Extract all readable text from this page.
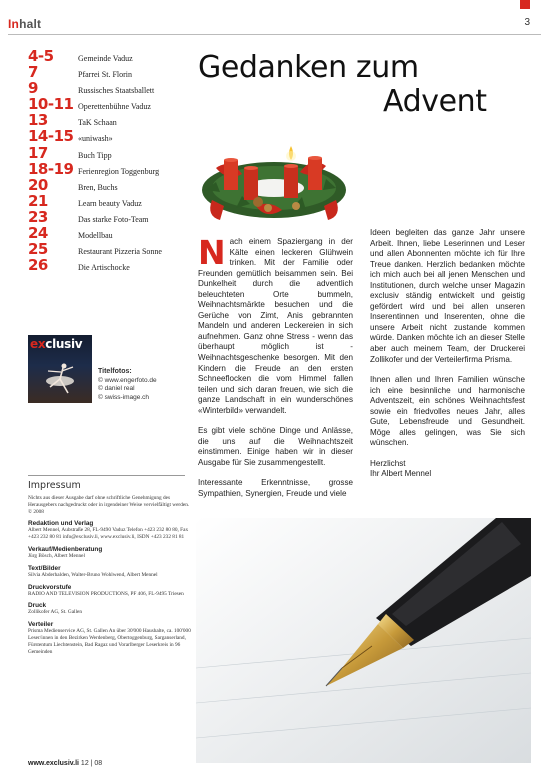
Inhalt	3
4-5	Gemeinde Vaduz
7	Pfarrei St. Florin
9	Russisches Staatsballett
10-11 Operettenbühne Vaduz
13	TaK Schaan
14-15 «uniwash»
17	Buch Tipp
18-19 Ferienregion Toggenburg
20	Bren, Buchs
21	Learn beauty Vaduz
23	Das starke Foto-Team
24	Modellbau
25	Restaurant Pizzeria Sonne
26	Die Artischocke
exclusiv
Titelfotos:
© www.engerfoto.de
© daniel real
© swiss-image.ch
Impressum
Nichts aus dieser Ausgabe darf ohne schriftliche Genehmigung des Herausgebers nachgedruckt oder in irgendeiner Weise vervielfältigt werden. © 2008
Redaktion und Verlag
Albert Mennel, Aubstraße 28, FL-9490 Vaduz Telefon +423 232 80 80, Fax +423 232 80 81 info@exclusiv.li, www.exclusiv.li, ISDN +423 232 81 81
Verkauf/Medienberatung
Jürg Bösch, Albert Mennel
Text/Bilder
Silvia Abderhalden, Walter-Bruno Wohlwend, Albert Mennel
Druckvorstufe
RADIO AND TELEVISION PRODUCTIONS, PF 406, FL-9495 Triesen
Druck
Zollikofer AG, St. Gallen
Verteiler
Prisma Medienservice AG, St. Gallen An über 30'000 Haushalte, ca. 100'000 Leser/innen in den Bezirken Werdenberg, Obertoggenburg, Sarganserland, Fürstentum Liechtenstein, Bad Ragaz und Vorarlberger Leserkreis in 96 Gemeinden
www.exclusiv.li 12 | 08
Gedanken zum
Advent

Nach einem Spaziergang in der Kälte einen leckeren Glühwein trinken. Mit der Familie oder Freunden gemütlich beisammen sein. Bei Dunkelheit durch die adventlich beleuchteten Orte bummeln, Weihnachtsmärkte besuchen und die Gerüche von Zimt, Anis gebrannten Mandeln und anderen Leckereien in sich aufnehmen. Ganz ohne Stress - wenn das überhaupt möglich ist - Weihnachtsgeschenke besorgen. Mit den Kindern die Freude an den ersten Schneeflocken die vom Himmel fallen teilen und sich daran freuen, wie sich die ganze Landschaft in ein wunderschönes «Winterbild» verwandelt.

Es gibt viele schöne Dinge und Anlässe, die uns auf die Weihnachtszeit einstimmen. Einige haben wir in dieser Ausgabe für Sie zusammengestellt.

Interessante Erkenntnisse, grosse Sympathien, Synergien, Freude und viele

Ideen begleiten das ganze Jahr unsere Arbeit. Ihnen, liebe Leserinnen und Leser und allen Abonnenten möchte ich für Ihre Treue danken. Herzlich bedanken möchte ich mich auch bei all jenen Menschen und Institutionen, durch welche unser Magazin exclusiv ständig entwickelt und geistig gefördert wird und bei allen unseren Inserentinnen und Inserenten, ohne die unsere Arbeit nicht zustande kommen würde. Danken möchte ich an dieser Stelle aber auch meinem Team, der Druckerei Zollikofer und der Verteilerfirma Prisma.

Ihnen allen und Ihren Familien wünsche ich eine besinnliche und harmonische Adventszeit, ein schönes Weihnachtsfest sowie ein friedvolles neues Jahr, alles Gute, Lebensfreude und Gesundheit. Möge alles gelingen, was Sie sich wünschen.

Herzlichst
Ihr Albert Mennel
